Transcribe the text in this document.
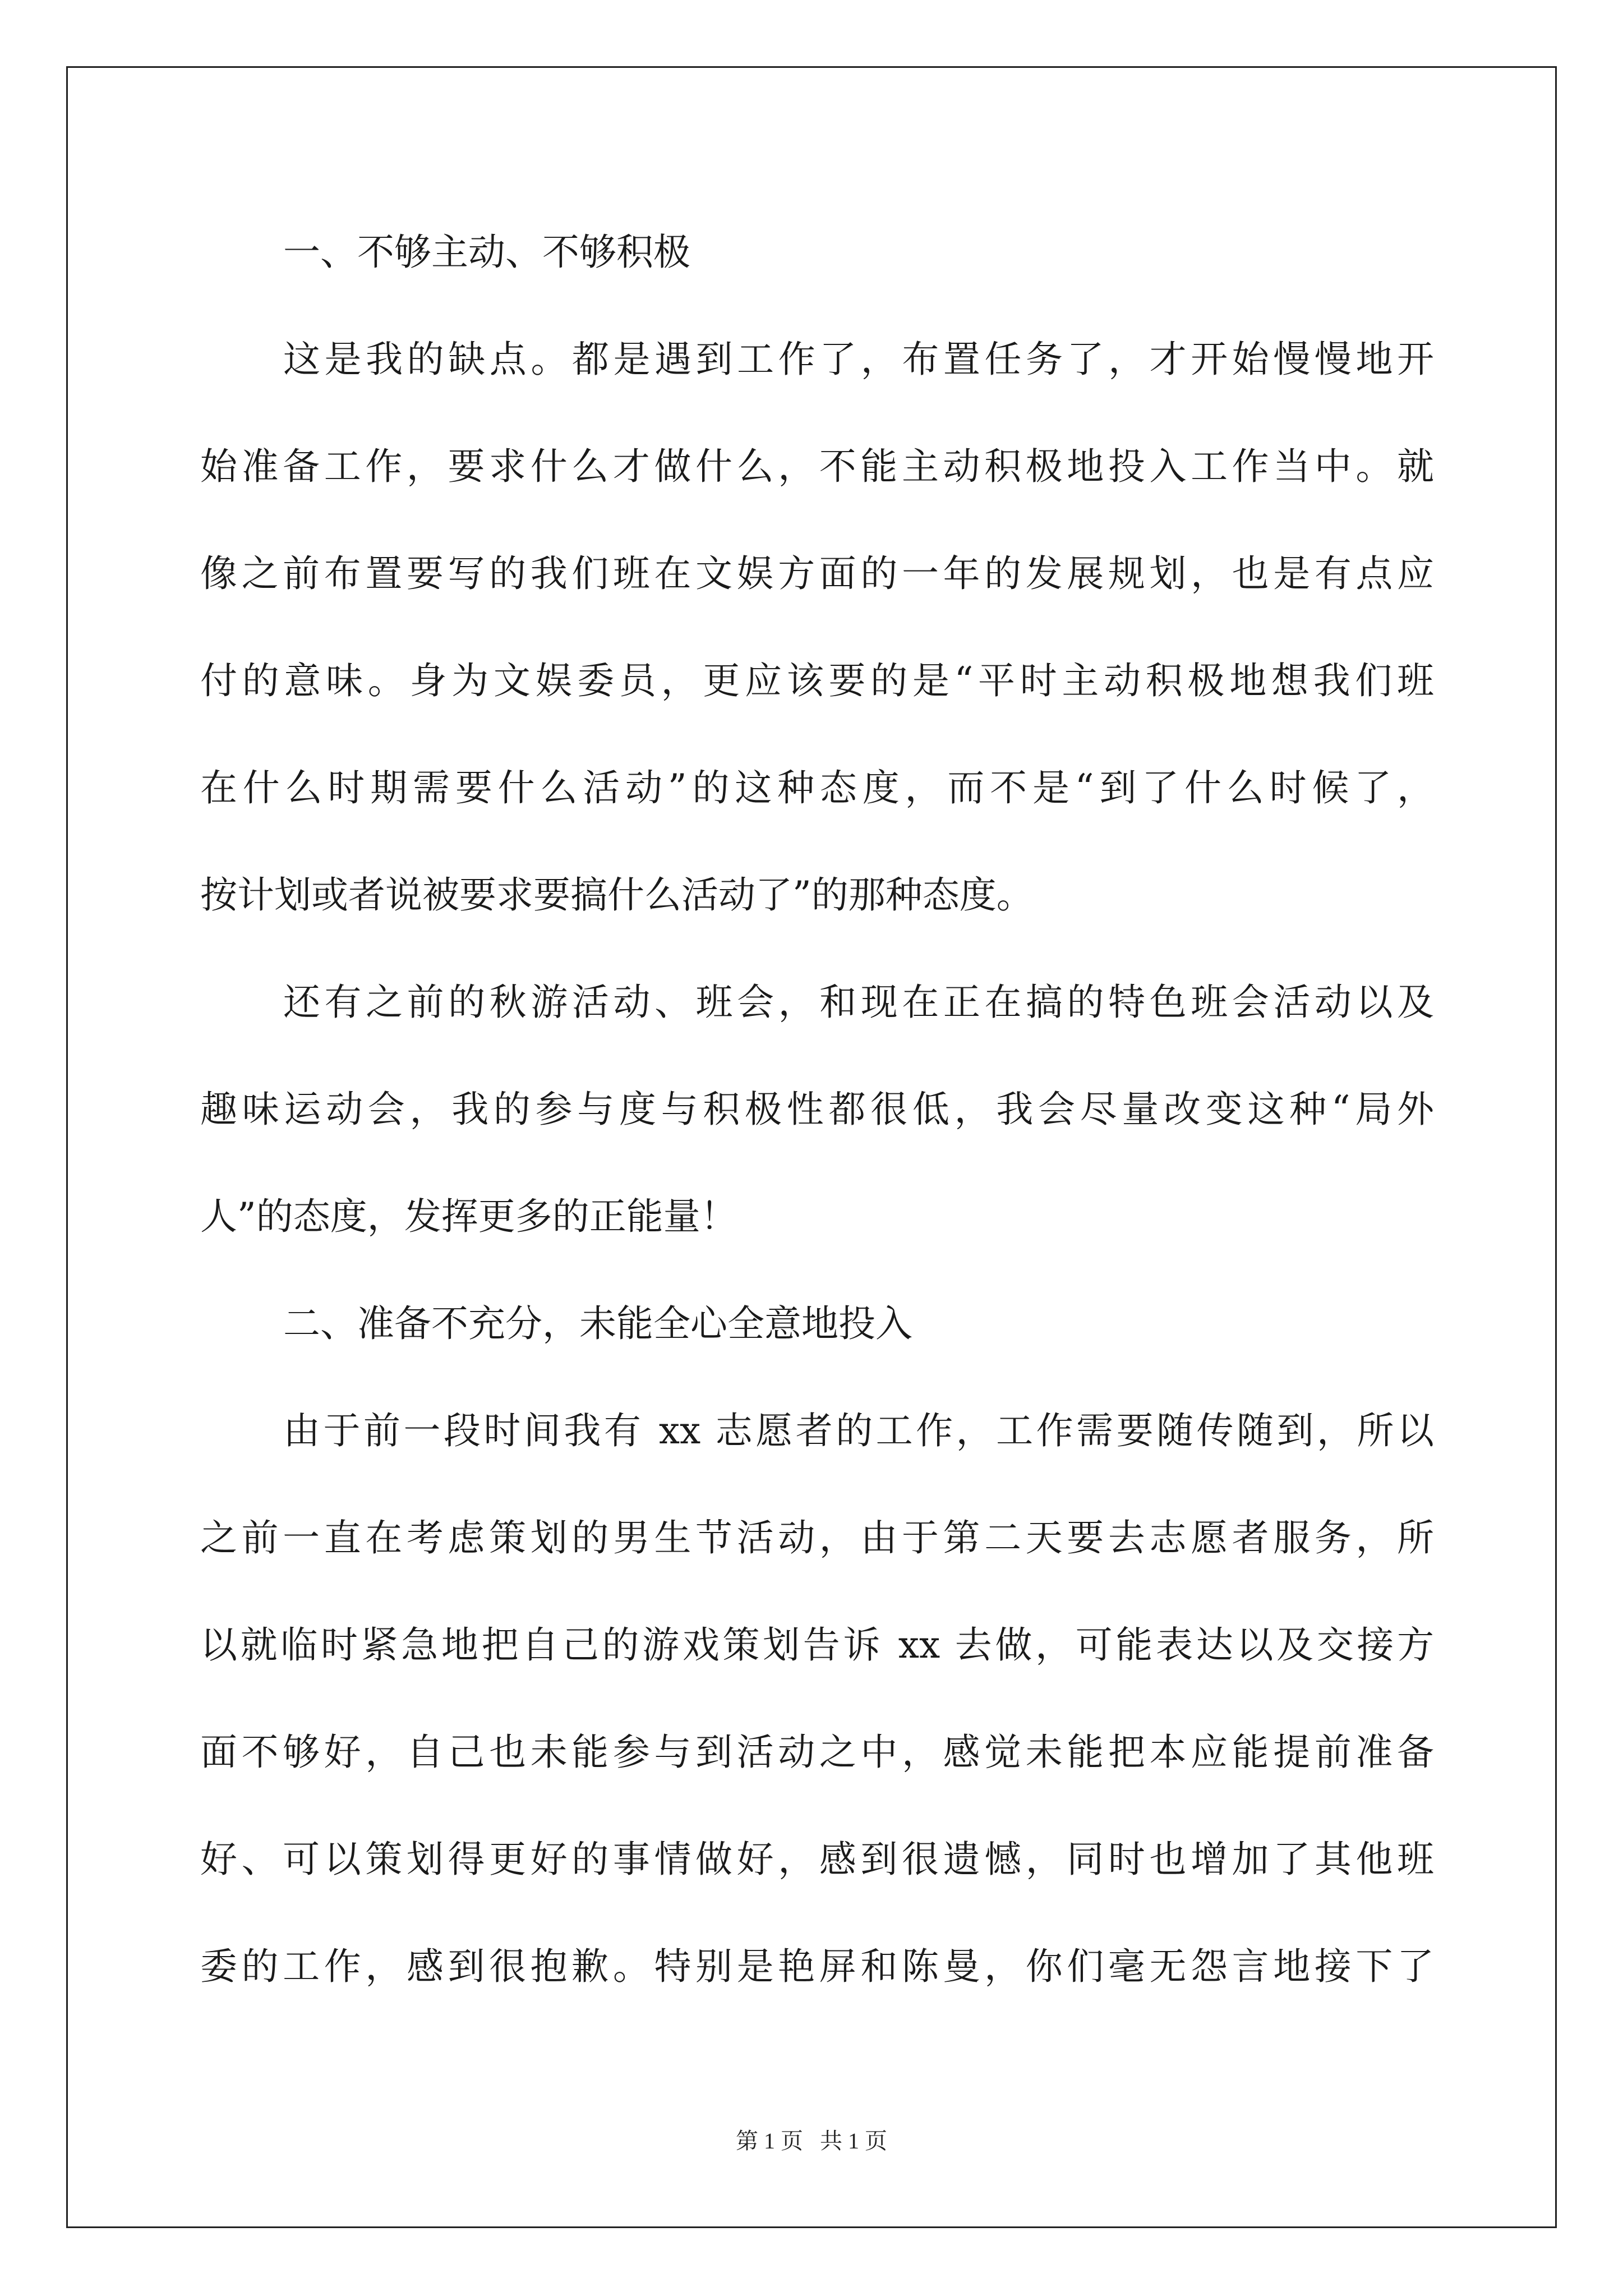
一、不够主动、不够积极
这是我的缺点。都是遇到工作了，布置任务了，才开始慢慢地开
始准备工作，要求什么才做什么，不能主动积极地投入工作当中。就
像之前布置要写的我们班在文娱方面的一年的发展规划，也是有点应
付的意味。身为文娱委员，更应该要的是“平时主动积极地想我们班
在什么时期需要什么活动”的这种态度，而不是“到了什么时候了，
按计划或者说被要求要搞什么活动了”的那种态度。
还有之前的秋游活动、班会，和现在正在搞的特色班会活动以及
趣味运动会，我的参与度与积极性都很低，我会尽量改变这种“局外
人”的态度，发挥更多的正能量！
二、准备不充分，未能全心全意地投入
由于前一段时间我有 xx 志愿者的工作，工作需要随传随到，所以
之前一直在考虑策划的男生节活动，由于第二天要去志愿者服务，所
以就临时紧急地把自己的游戏策划告诉 xx 去做，可能表达以及交接方
面不够好，自己也未能参与到活动之中，感觉未能把本应能提前准备
好、可以策划得更好的事情做好，感到很遗憾，同时也增加了其他班
委的工作，感到很抱歉。特别是艳屏和陈曼，你们毫无怨言地接下了
第 1 页 共 1 页
